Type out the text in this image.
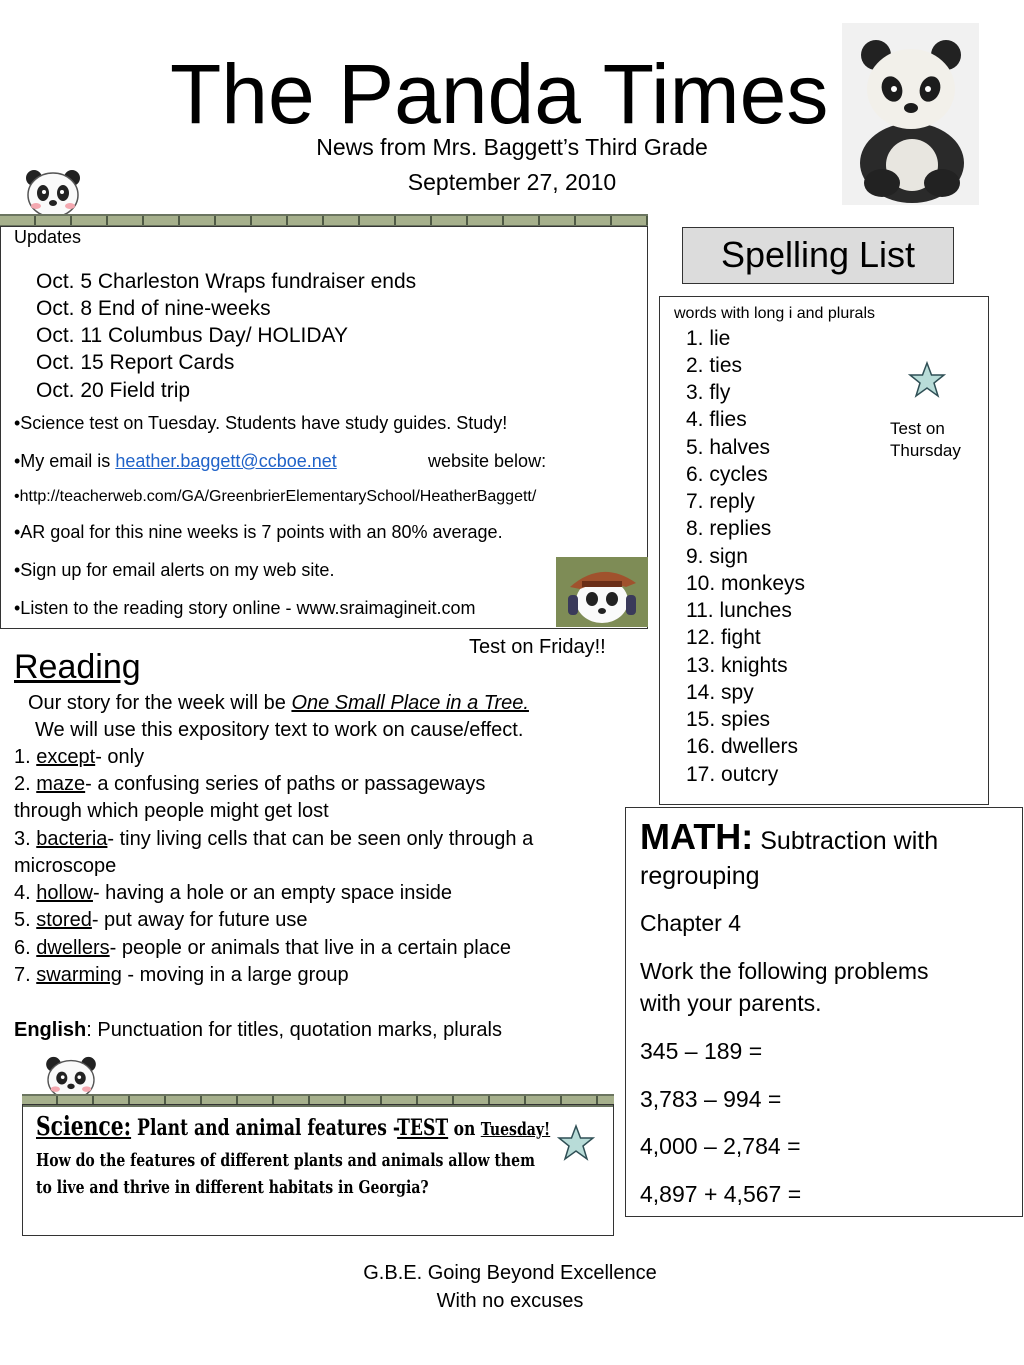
The Panda Times
News from Mrs. Baggett’s Third Grade
September 27, 2010
Updates
Oct. 5 Charleston Wraps fundraiser ends
Oct. 8 End of nine-weeks
Oct. 11 Columbus Day/ HOLIDAY
Oct. 15 Report Cards
Oct. 20 Field trip
•Science test on Tuesday. Students have study guides. Study!
•My email is heather.baggett@ccboe.net	website below:
•http://teacherweb.com/GA/GreenbrierElementarySchool/HeatherBaggett/
•AR goal for this nine weeks is 7 points with an 80% average.
•Sign up for email alerts on my web site.
•Listen to the reading story online - www.sraimagineit.com
Spelling List
words with long i and plurals
1. lie
2. ties
3. fly
4. flies
5. halves
6. cycles
7. reply
8. replies
9. sign
10. monkeys
11. lunches
12. fight
13. knights
14. spy
15. spies
16. dwellers
17. outcry
Test on
Thursday
Test on Friday!!
Reading
Our story for the week will be One Small Place in a Tree.
We will use this expository text to work on cause/effect.
1. except- only
2. maze- a confusing series of paths or passageways
through which people might get lost
3. bacteria- tiny living cells that can be seen only through a
microscope
4. hollow- having a hole or an empty space inside
5. stored- put away for future use
6. dwellers- people or animals that live in a certain place
7. swarming - moving in a large group
English: Punctuation for titles, quotation marks, plurals
MATH: Subtraction with
regrouping
Chapter 4
Work the following problems
with your parents.
345 – 189 =
3,783 – 994 =
4,000 – 2,784 =
4,897 + 4,567 =
Science: Plant and animal features -TEST on Tuesday!
How do the features of different plants and animals allow them
to live and thrive in different habitats in Georgia?
G.B.E. Going Beyond Excellence
With no excuses
